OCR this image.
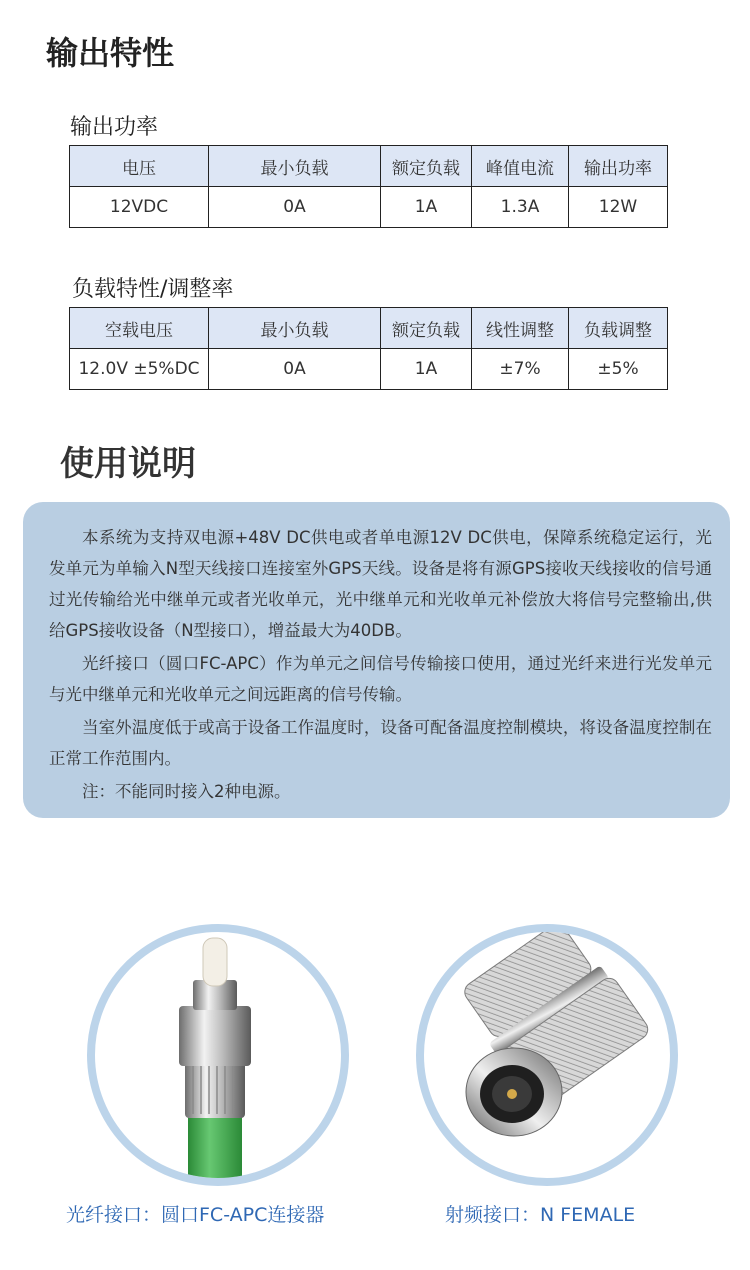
输出特性
输出功率
电压	最小负载	额定负载	峰值电流	输出功率
12VDC	0A	1A	1.3A	12W
负载特性/调整率
空载电压	最小负载	额定负载	线性调整	负载调整
12.0V ±5%DC	0A	1A	±7%	±5%
使用说明

本系统为支持双电源+48V DC供电或者单电源12V DC供电，保障系统稳定运行，光发单元为单输入N型天线接口连接室外GPS天线。设备是将有源GPS接收天线接收的信号通过光传输给光中继单元或者光收单元，光中继单元和光收单元补偿放大将信号完整输出,供给GPS接收设备（N型接口），增益最大为40DB。

光纤接口（圆口FC-APC）作为单元之间信号传输接口使用，通过光纤来进行光发单元与光中继单元和光收单元之间远距离的信号传输。

当室外温度低于或高于设备工作温度时，设备可配备温度控制模块，将设备温度控制在正常工作范围内。

注：不能同时接入2种电源。

光纤接口：圆口FC-APC连接器	射频接口：N FEMALE
